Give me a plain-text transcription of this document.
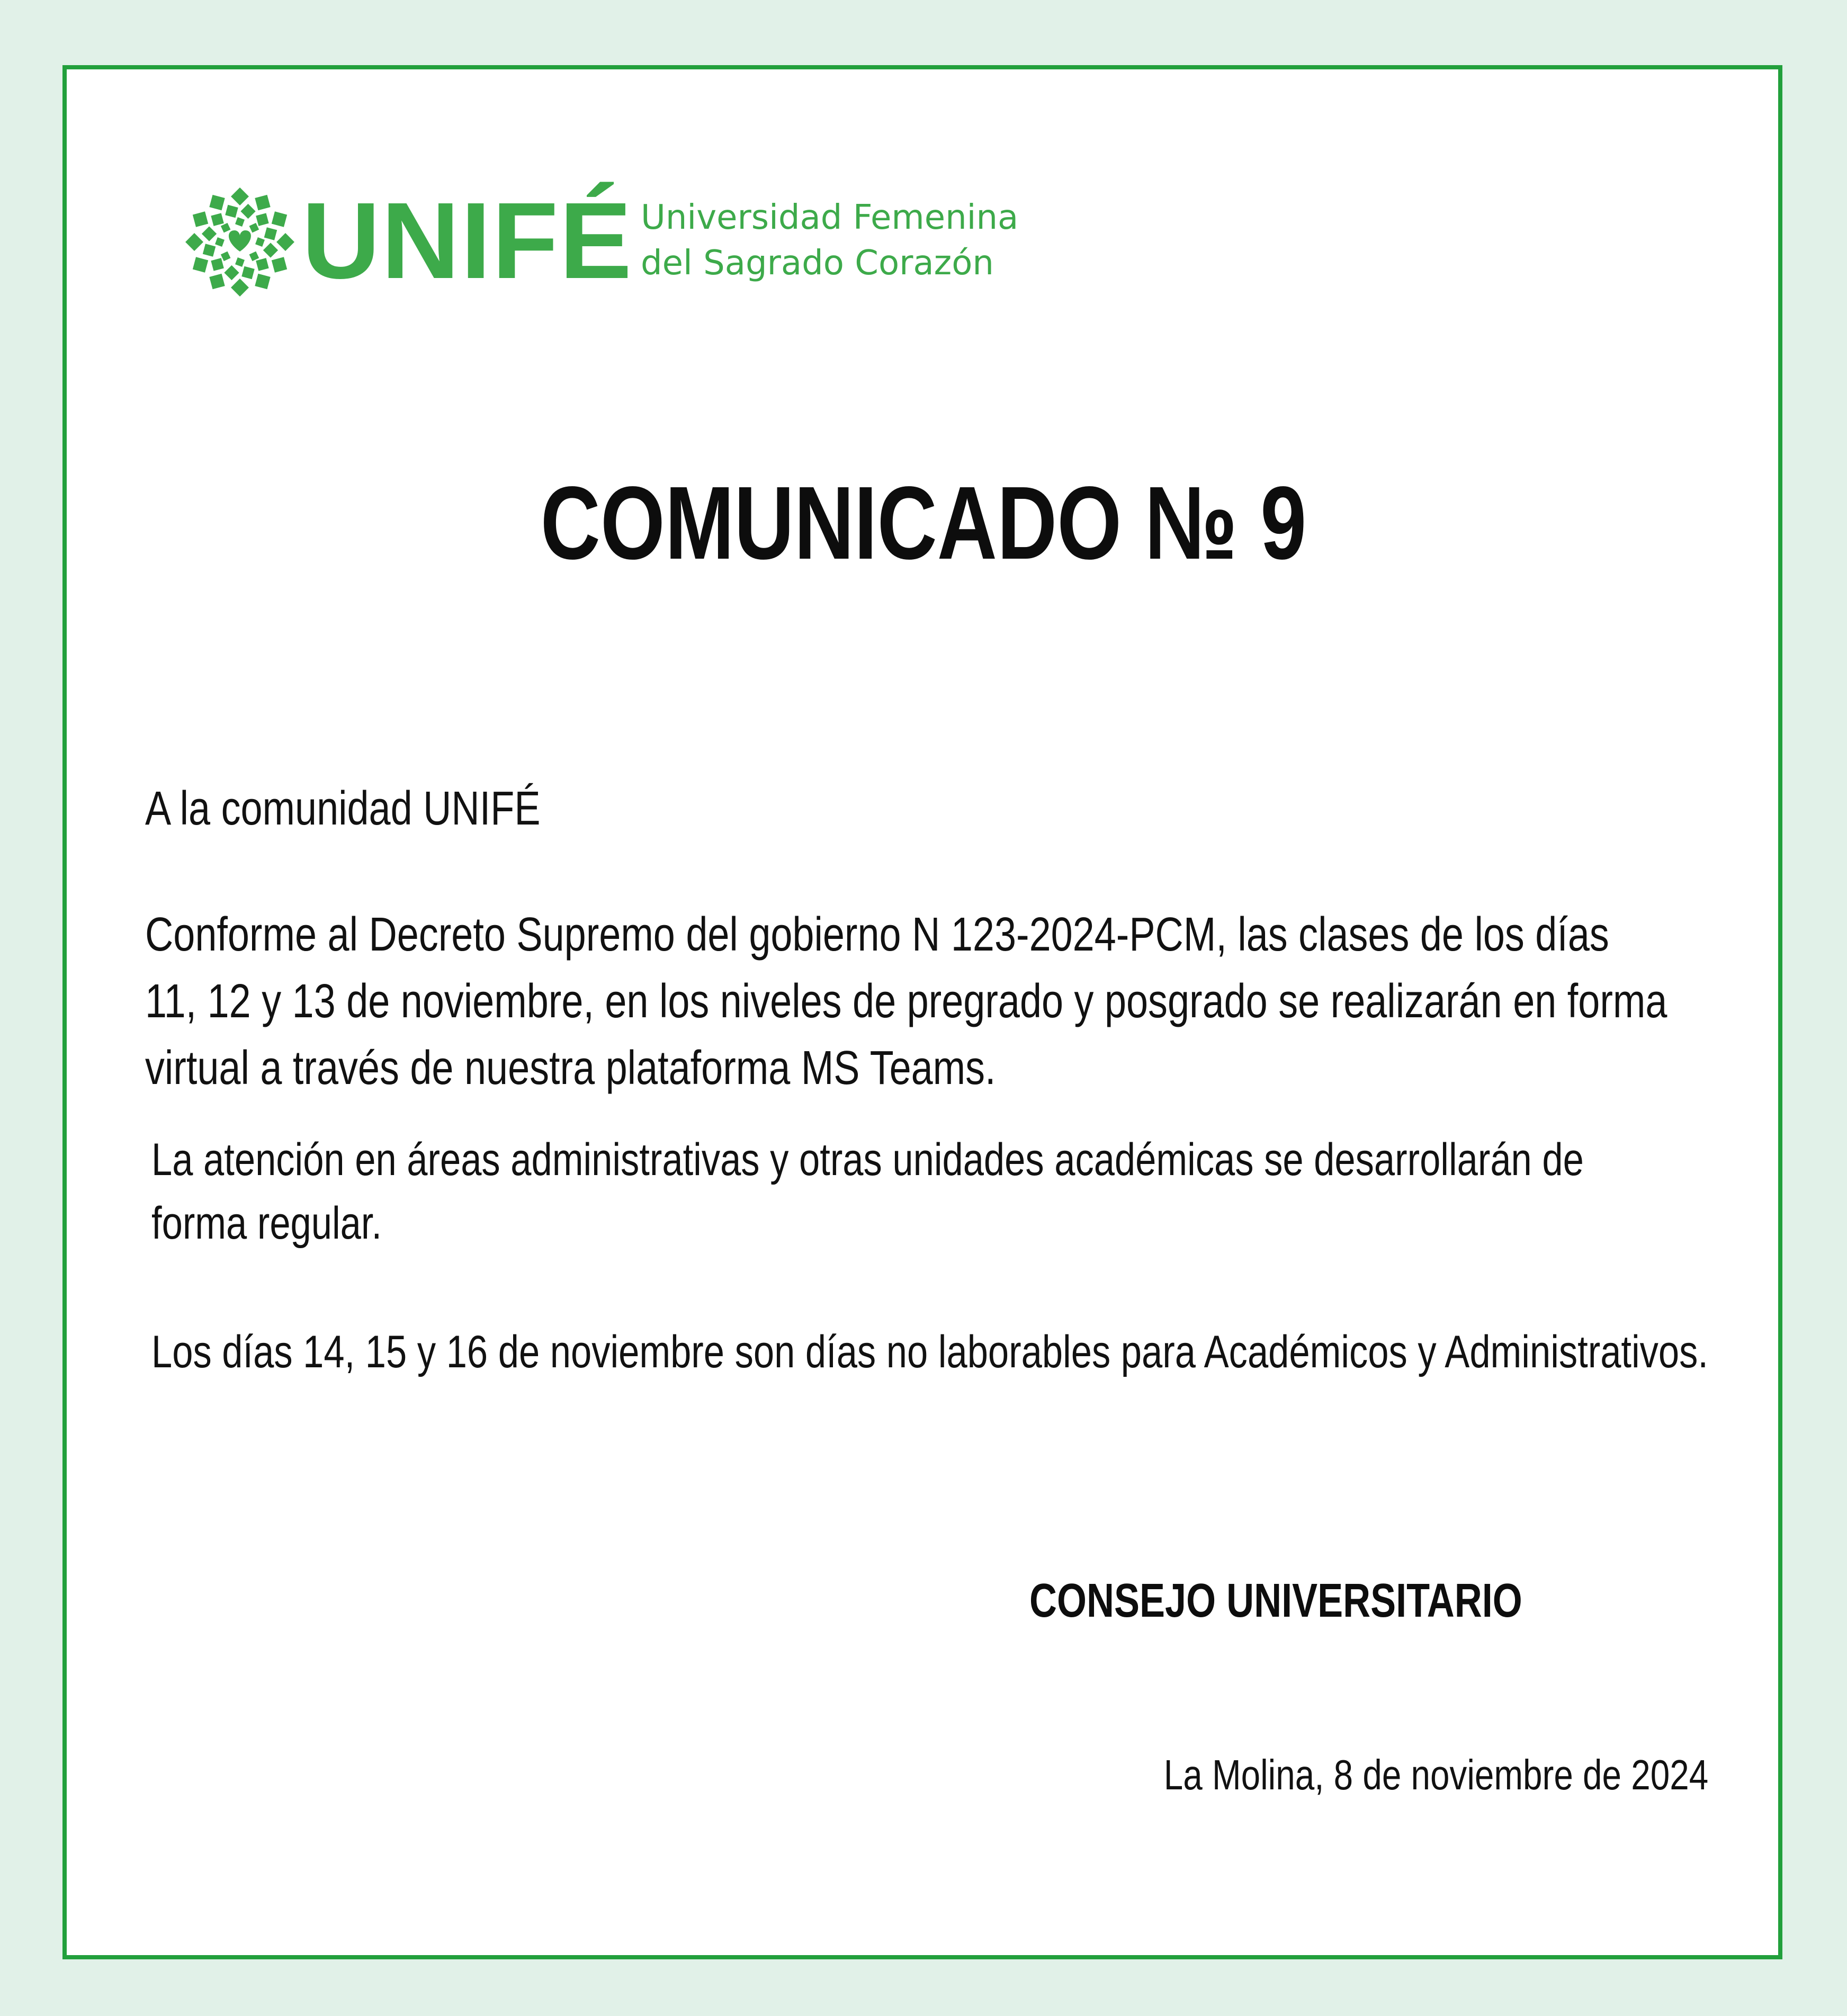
UNIFÉ Universidad Femenina
del Sagrado Corazón
COMUNICADO № 9
A la comunidad UNIFÉ
Conforme al Decreto Supremo del gobierno N 123-2024-PCM, las clases de los días
11, 12 y 13 de noviembre, en los niveles de pregrado y posgrado se realizarán en forma
virtual a través de nuestra plataforma MS Teams.
La atención en áreas administrativas y otras unidades académicas se desarrollarán de
forma regular.
Los días 14, 15 y 16 de noviembre son días no laborables para Académicos y Administrativos.
CONSEJO UNIVERSITARIO
La Molina, 8 de noviembre de 2024
